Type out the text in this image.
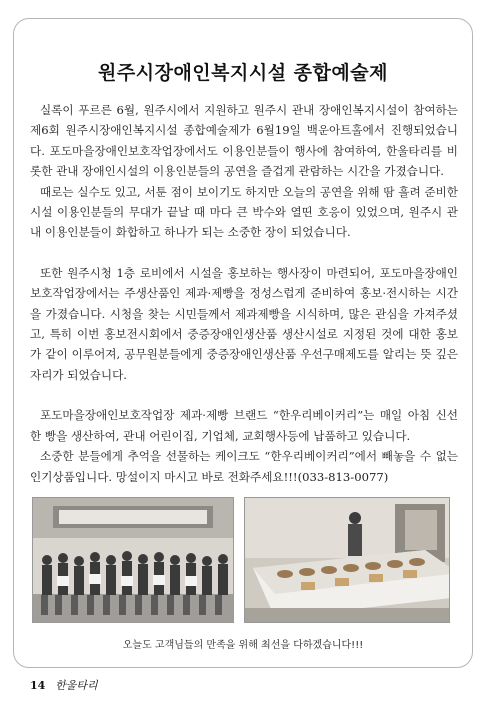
원주시장애인복지시설 종합예술제

실록이 푸르른 6월, 원주시에서 지원하고 원주시 관내 장애인복지시설이 참여하는 제6회 원주시장애인복지시설 종합예술제가 6월19일 백운아트홀에서 진행되었습니다. 포도마을장애인보호작업장에서도 이용인분들이 행사에 참여하여, 한울타리를 비롯한 관내 장애인시설의 이용인분들의 공연을 즐겁게 관람하는 시간을 가졌습니다.

때로는 실수도 있고, 서툰 점이 보이기도 하지만 오늘의 공연을 위해 땀 흘려 준비한 시설 이용인분들의 무대가 끝날 때 마다 큰 박수와 열띤 호응이 있었으며, 원주시 관내 이용인분들이 화합하고 하나가 되는 소중한 장이 되었습니다.

또한 원주시청 1층 로비에서 시설을 홍보하는 행사장이 마련되어, 포도마을장애인보호작업장에서는 주생산품인 제과·제빵을 정성스럽게 준비하여 홍보·전시하는 시간을 가졌습니다. 시청을 찾는 시민들께서 제과제빵을 시식하며, 많은 관심을 가져주셨고, 특히 이번 홍보전시회에서 중증장애인생산품 생산시설로 지정된 것에 대한 홍보가 같이 이루어져, 공무원분들에게 중증장애인생산품 우선구매제도를 알리는 뜻 깊은 자리가 되었습니다.

포도마을장애인보호작업장 제과·제빵 브랜드 “한우리베이커리”는 매일 아침 신선한 빵을 생산하여, 관내 어린이집, 기업체, 교회행사등에 납품하고 있습니다.

소중한 분들에게 추억을 선물하는 케이크도 “한우리베이커리”에서 빼놓을 수 없는 인기상품입니다. 망설이지 마시고 바로 전화주세요!!!(033-813-0077)

오늘도 고객님들의 만족을 위해 최선을 다하겠습니다!!!
14 한울타리
